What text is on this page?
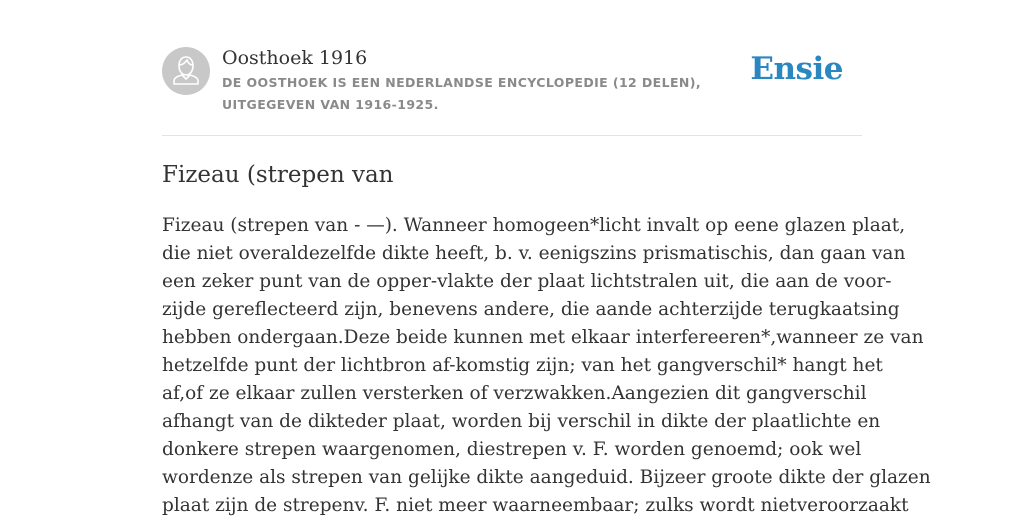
Oosthoek 1916
DE OOSTHOEK IS EEN NEDERLANDSE ENCYCLOPEDIE (12 DELEN), UITGEGEVEN VAN 1916-1925.
Ensie
Fizeau (strepen van
Fizeau (strepen van - —). Wanneer homogeen*licht invalt op eene glazen plaat,
die niet overaldezelfde dikte heeft, b. v. eenigszins prismatischis, dan gaan van
een zeker punt van de opper-vlakte der plaat lichtstralen uit, die aan de voor-
zijde gereflecteerd zijn, benevens andere, die aande achterzijde terugkaatsing
hebben ondergaan.Deze beide kunnen met elkaar interfereeren*,wanneer ze van
hetzelfde punt der lichtbron af-komstig zijn; van het gangverschil* hangt het
af,of ze elkaar zullen versterken of verzwakken.Aangezien dit gangverschil
afhangt van de dikteder plaat, worden bij verschil in dikte der plaatlichte en
donkere strepen waargenomen, diestrepen v. F. worden genoemd; ook wel
wordenze als strepen van gelijke dikte aangeduid. Bijzeer groote dikte der glazen
plaat zijn de strepenv. F. niet meer waarneembaar; zulks wordt nietveroorzaakt
